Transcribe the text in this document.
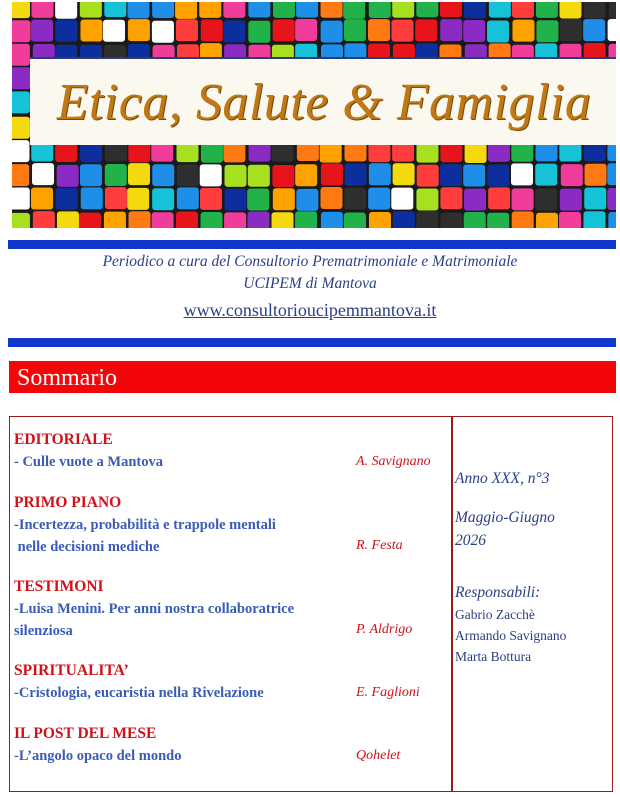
Etica, Salute & Famiglia
Periodico a cura del Consultorio Prematrimoniale e Matrimoniale
UCIPEM di Mantova
www.consultorioucipemmantova.it
Sommario
EDITORIALE
- Culle vuote a Mantova	A. Savignano
PRIMO PIANO
-Incertezza, probabilità e trappole mentali
nelle decisioni mediche	R. Festa
TESTIMONI
-Luisa Menini. Per anni nostra collaboratrice
silenziosa	P. Aldrigo
SPIRITUALITA’
-Cristologia, eucaristia nella Rivelazione	E. Faglioni
IL POST DEL MESE
-L’angolo opaco del mondo	Qohelet
Anno XXX, n°3
Maggio-Giugno
2026
Responsabili:
Gabrio Zacchè
Armando Savignano
Marta Bottura
